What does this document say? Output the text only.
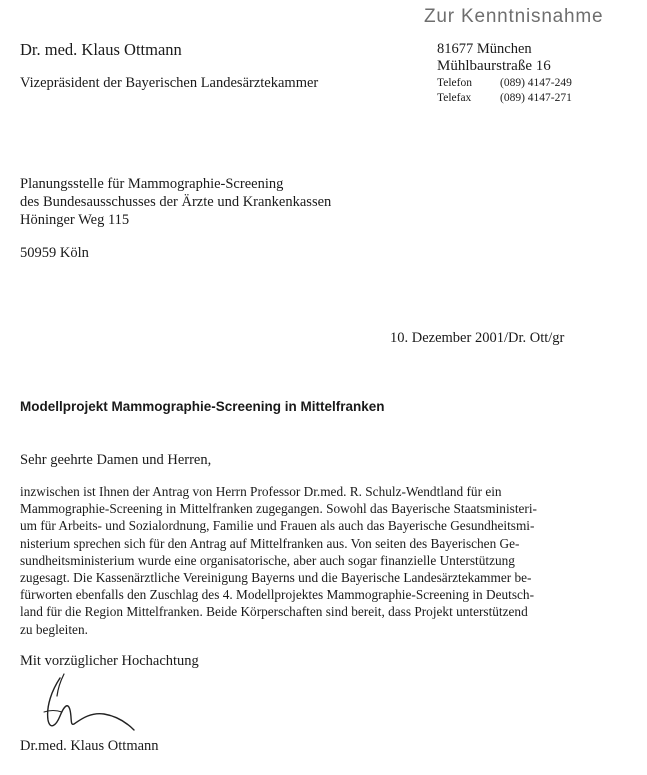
Zur Kenntnisnahme
Dr. med. Klaus Ottmann
Vizepräsident der Bayerischen Landesärztekammer
81677 München
Mühlbaurstraße 16
Telefon	(089) 4147-249
Telefax	(089) 4147-271
Planungsstelle für Mammographie-Screening
des Bundesausschusses der Ärzte und Krankenkassen
Höninger Weg 115
50959 Köln
10. Dezember 2001/Dr. Ott/gr
Modellprojekt Mammographie-Screening in Mittelfranken
Sehr geehrte Damen und Herren,
inzwischen ist Ihnen der Antrag von Herrn Professor Dr.med. R. Schulz-Wendtland für ein
Mammographie-Screening in Mittelfranken zugegangen. Sowohl das Bayerische Staatsministeri-
um für Arbeits- und Sozialordnung, Familie und Frauen als auch das Bayerische Gesundheitsmi-
nisterium sprechen sich für den Antrag auf Mittelfranken aus. Von seiten des Bayerischen Ge-
sundheitsministerium wurde eine organisatorische, aber auch sogar finanzielle Unterstützung
zugesagt. Die Kassenärztliche Vereinigung Bayerns und die Bayerische Landesärztekammer be-
fürworten ebenfalls den Zuschlag des 4. Modellprojektes Mammographie-Screening in Deutsch-
land für die Region Mittelfranken. Beide Körperschaften sind bereit, dass Projekt unterstützend
zu begleiten.
Mit vorzüglicher Hochachtung
Dr.med. Klaus Ottmann
